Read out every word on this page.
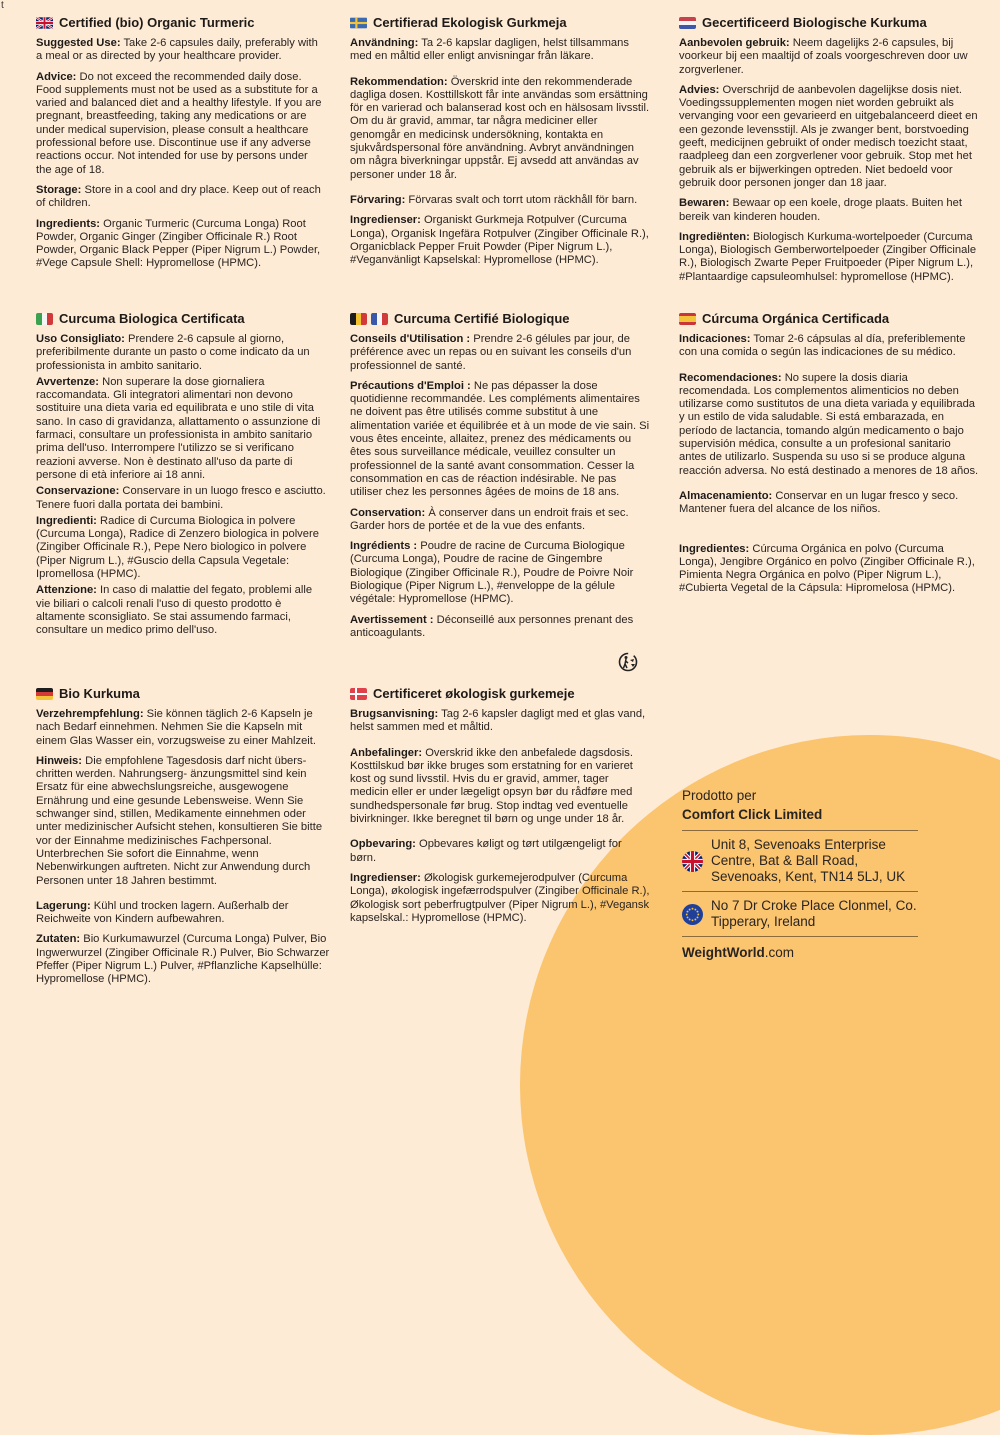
t
Certified (bio) Organic Turmeric

Suggested Use: Take 2-6 capsules daily, preferably with a meal or as directed by your healthcare provider.

Advice: Do not exceed the recommended daily dose. Food supplements must not be used as a substitute for a varied and balanced diet and a healthy lifestyle. If you are pregnant, breastfeeding, taking any medications or are under medical supervision, please consult a healthcare professional before use. Discontinue use if any adverse reactions occur. Not intended for use by persons under the age of 18.

Storage: Store in a cool and dry place. Keep out of reach of children.

Ingredients: Organic Turmeric (Curcuma Longa) Root Powder, Organic Ginger (Zingiber Officinale R.) Root Powder, Organic Black Pepper (Piper Nigrum L.) Powder, #Vege Capsule Shell: Hypromellose (HPMC).

Certifierad Ekologisk Gurkmeja

Användning: Ta 2-6 kapslar dagligen, helst tillsammans med en måltid eller enligt anvisningar från läkare.

Rekommendation: Överskrid inte den rekommenderade dagliga dosen. Kosttillskott får inte användas som ersättning för en varierad och balanserad kost och en hälsosam livsstil. Om du är gravid, ammar, tar några mediciner eller genomgår en medicinsk undersökning, kontakta en sjukvårdspersonal före användning. Avbryt användningen om några biverkningar uppstår. Ej avsedd att användas av personer under 18 år.

Förvaring: Förvaras svalt och torrt utom räckhåll för barn.

Ingredienser: Organiskt Gurkmeja Rotpulver (Curcuma Longa), Organisk Ingefära Rotpulver (Zingiber Officinale R.), Organicblack Pepper Fruit Powder (Piper Nigrum L.), #Veganvänligt Kapselskal: Hypromellose (HPMC).

Gecertificeerd Biologische Kurkuma

Aanbevolen gebruik: Neem dagelijks 2-6 capsules, bij voorkeur bij een maaltijd of zoals voorgeschreven door uw zorgverlener.

Advies: Overschrijd de aanbevolen dagelijkse dosis niet. Voedingssupplementen mogen niet worden gebruikt als vervanging voor een gevarieerd en uitgebalanceerd dieet en een gezonde levensstijl. Als je zwanger bent, borstvoeding geeft, medicijnen gebruikt of onder medisch toezicht staat, raadpleeg dan een zorgverlener voor gebruik. Stop met het gebruik als er bijwerkingen optreden. Niet bedoeld voor gebruik door personen jonger dan 18 jaar.

Bewaren: Bewaar op een koele, droge plaats. Buiten het bereik van kinderen houden.

Ingrediënten: Biologisch Kurkuma-wortelpoeder (Curcuma Longa), Biologisch Gemberwortelpoeder (Zingiber Officinale R.), Biologisch Zwarte Peper Fruitpoeder (Piper Nigrum L.), #Plantaardige capsuleomhulsel: hypromellose (HPMC).

Curcuma Biologica Certificata

Uso Consigliato: Prendere 2-6 capsule al giorno, preferibilmente durante un pasto o come indicato da un professionista in ambito sanitario.

Avvertenze: Non superare la dose giornaliera raccomandata. Gli integratori alimentari non devono sostituire una dieta varia ed equilibrata e uno stile di vita sano. In caso di gravidanza, allattamento o assunzione di farmaci, consultare un professionista in ambito sanitario prima dell'uso. Interrompere l'utilizzo se si verificano reazioni avverse. Non è destinato all'uso da parte di persone di età inferiore ai 18 anni.

Conservazione: Conservare in un luogo fresco e asciutto. Tenere fuori dalla portata dei bambini.

Ingredienti: Radice di Curcuma Biologica in polvere (Curcuma Longa), Radice di Zenzero biologica in polvere (Zingiber Officinale R.), Pepe Nero biologico in polvere (Piper Nigrum L.), #Guscio della Capsula Vegetale: Ipromellosa (HPMC).

Attenzione: In caso di malattie del fegato, problemi alle vie biliari o calcoli renali l'uso di questo prodotto è altamente sconsigliato. Se stai assumendo farmaci, consultare un medico primo dell'uso.

Curcuma Certifié Biologique

Conseils d'Utilisation : Prendre 2-6 gélules par jour, de préférence avec un repas ou en suivant les conseils d'un professionnel de santé.

Précautions d'Emploi : Ne pas dépasser la dose quotidienne recommandée. Les compléments alimentaires ne doivent pas être utilisés comme substitut à une alimentation variée et équilibrée et à un mode de vie sain. Si vous êtes enceinte, allaitez, prenez des médicaments ou êtes sous surveillance médicale, veuillez consulter un professionnel de la santé avant consommation. Cesser la consommation en cas de réaction indésirable. Ne pas utiliser chez les personnes âgées de moins de 18 ans.

Conservation: À conserver dans un endroit frais et sec. Garder hors de portée et de la vue des enfants.

Ingrédients : Poudre de racine de Curcuma Biologique (Curcuma Longa), Poudre de racine de Gingembre Biologique (Zingiber Officinale R.), Poudre de Poivre Noir Biologique (Piper Nigrum L.), #enveloppe de la gélule végétale: Hypromellose (HPMC).

Avertissement : Déconseillé aux personnes prenant des anticoagulants.

Cúrcuma Orgánica Certificada

Indicaciones: Tomar 2-6 cápsulas al día, preferiblemente con una comida o según las indicaciones de su médico.

Recomendaciones: No supere la dosis diaria recomendada. Los complementos alimenticios no deben utilizarse como sustitutos de una dieta variada y equilibrada y un estilo de vida saludable. Si está embarazada, en período de lactancia, tomando algún medicamento o bajo supervisión médica, consulte a un profesional sanitario antes de utilizarlo. Suspenda su uso si se produce alguna reacción adversa. No está destinado a menores de 18 años.

Almacenamiento: Conservar en un lugar fresco y seco. Mantener fuera del alcance de los niños.

Ingredientes: Cúrcuma Orgánica en polvo (Curcuma Longa), Jengibre Orgánico en polvo (Zingiber Officinale R.), Pimienta Negra Orgánica en polvo (Piper Nigrum L.), #Cubierta Vegetal de la Cápsula: Hipromelosa (HPMC).

Bio Kurkuma

Verzehrempfehlung: Sie können täglich 2-6 Kapseln je nach Bedarf einnehmen. Nehmen Sie die Kapseln mit einem Glas Wasser ein, vorzugsweise zu einer Mahlzeit.

Hinweis: Die empfohlene Tagesdosis darf nicht übers-chritten werden. Nahrungserg- änzungsmittel sind kein Ersatz für eine abwechslungsreiche, ausgewogene Ernährung und eine gesunde Lebensweise. Wenn Sie schwanger sind, stillen, Medikamente einnehmen oder unter medizinischer Aufsicht stehen, konsultieren Sie bitte vor der Einnahme medizinisches Fachpersonal. Unterbrechen Sie sofort die Einnahme, wenn Nebenwirkungen auftreten. Nicht zur Anwendung durch Personen unter 18 Jahren bestimmt.

Lagerung: Kühl und trocken lagern. Außerhalb der Reichweite von Kindern aufbewahren.

Zutaten: Bio Kurkumawurzel (Curcuma Longa) Pulver, Bio Ingwerwurzel (Zingiber Officinale R.) Pulver, Bio Schwarzer Pfeffer (Piper Nigrum L.) Pulver, #Pflanzliche Kapselhülle: Hypromellose (HPMC).

Certificeret økologisk gurkemeje

Brugsanvisning: Tag 2-6 kapsler dagligt med et glas vand, helst sammen med et måltid.

Anbefalinger: Overskrid ikke den anbefalede dagsdosis. Kosttilskud bør ikke bruges som erstatning for en varieret kost og sund livsstil. Hvis du er gravid, ammer, tager medicin eller er under lægeligt opsyn bør du rådføre med sundhedspersonale før brug. Stop indtag ved eventuelle bivirkninger. Ikke beregnet til børn og unge under 18 år.

Opbevaring: Opbevares køligt og tørt utilgængeligt for børn.

Ingredienser: Økologisk gurkemejerodpulver (Curcuma Longa), økologisk ingefærrodspulver (Zingiber Officinale R.), Økologisk sort peberfrugtpulver (Piper Nigrum L.), #Vegansk kapselskal.: Hypromellose (HPMC).

Prodotto per

Comfort Click Limited

Unit 8, Sevenoaks Enterprise Centre, Bat & Ball Road, Sevenoaks, Kent, TN14 5LJ, UK
No 7 Dr Croke Place Clonmel, Co. Tipperary, Ireland
WeightWorld.com
